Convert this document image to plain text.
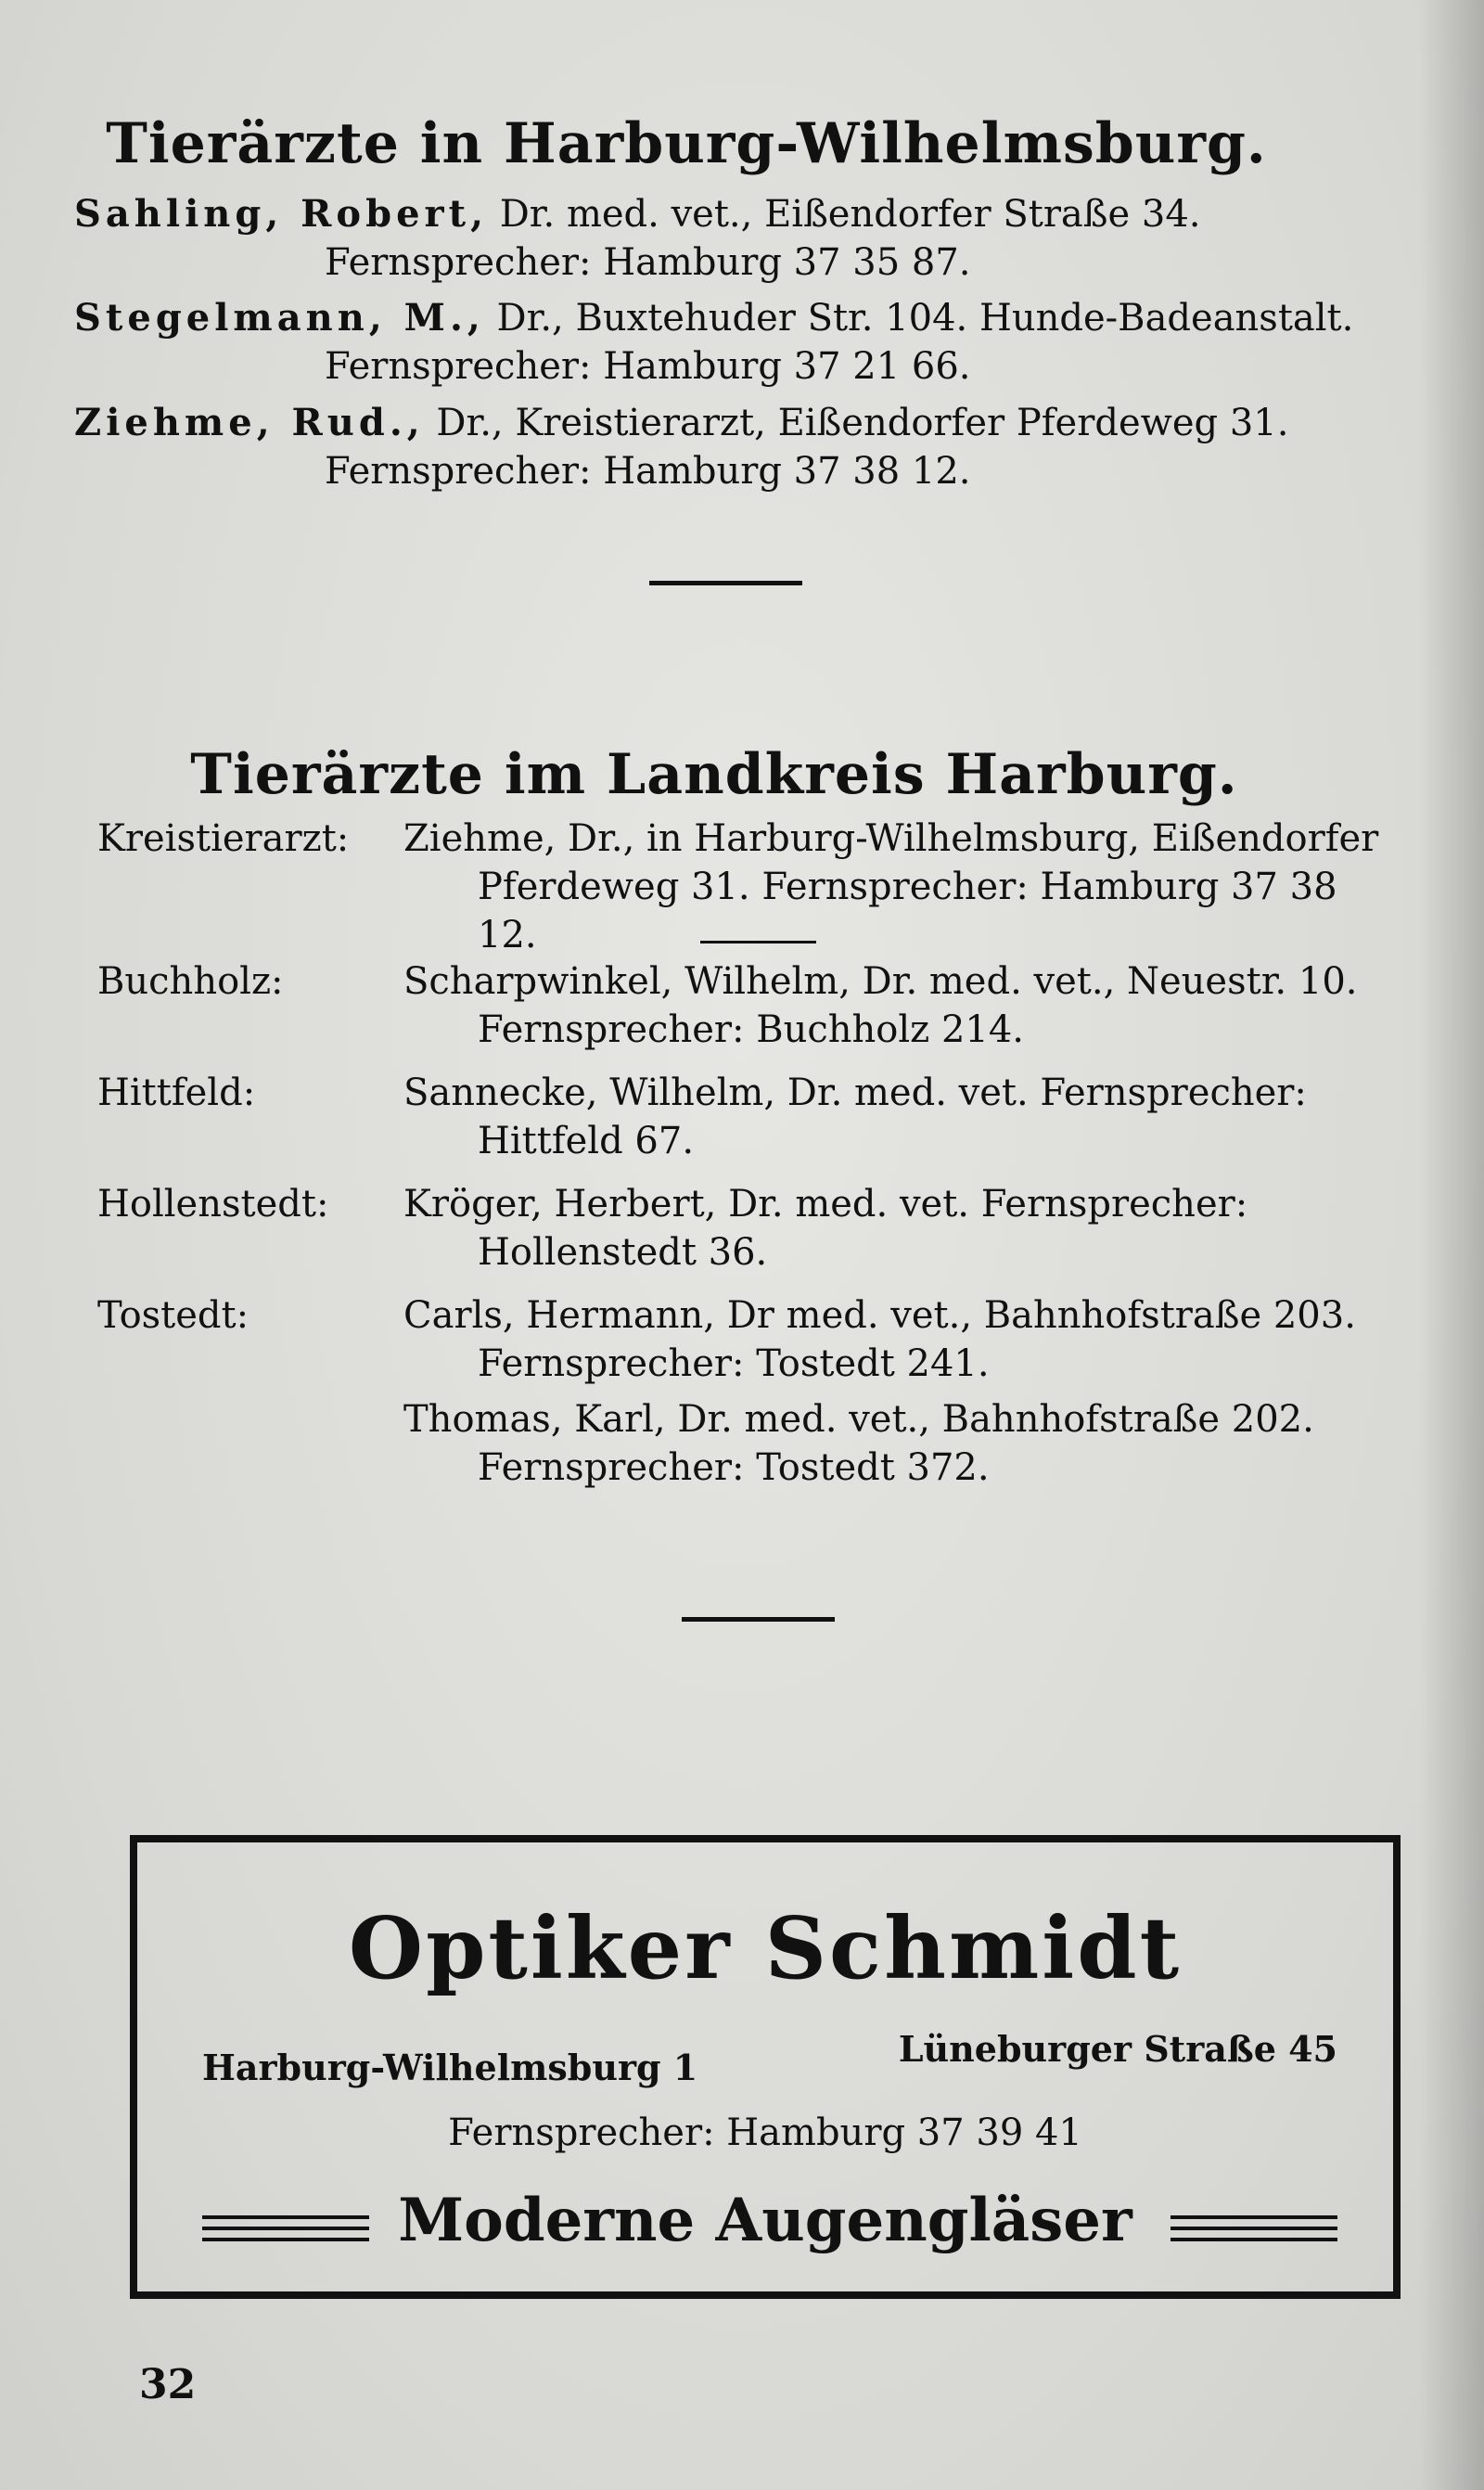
Tierärzte in Harburg-Wilhelmsburg.
Sahling, Robert, Dr. med. vet., Eißendorfer Straße 34.
Fernsprecher: Hamburg 37 35 87.
Stegelmann, M., Dr., Buxtehuder Str. 104. Hunde-Badeanstalt.
Fernsprecher: Hamburg 37 21 66.
Ziehme, Rud., Dr., Kreistierarzt, Eißendorfer Pferdeweg 31.
Fernsprecher: Hamburg 37 38 12.
Tierärzte im Landkreis Harburg.
Kreistierarzt:	Ziehme, Dr., in Harburg-Wilhelmsburg, Eißendorfer
Pferdeweg 31. Fernsprecher: Hamburg 37 38 12.
Buchholz:	Scharpwinkel, Wilhelm, Dr. med. vet., Neuestr. 10.
Fernsprecher: Buchholz 214.
Hittfeld:	Sannecke, Wilhelm, Dr. med. vet. Fernsprecher:
Hittfeld 67.
Hollenstedt:	Kröger, Herbert, Dr. med. vet. Fernsprecher:
Hollenstedt 36.
Tostedt:	Carls, Hermann, Dr med. vet., Bahnhofstraße 203.
Fernsprecher: Tostedt 241.
Thomas, Karl, Dr. med. vet., Bahnhofstraße 202.
Fernsprecher: Tostedt 372.
Optiker Schmidt
Harburg-Wilhelmsburg 1	Lüneburger Straße 45
Fernsprecher: Hamburg 37 39 41
Moderne Augengläser
32
